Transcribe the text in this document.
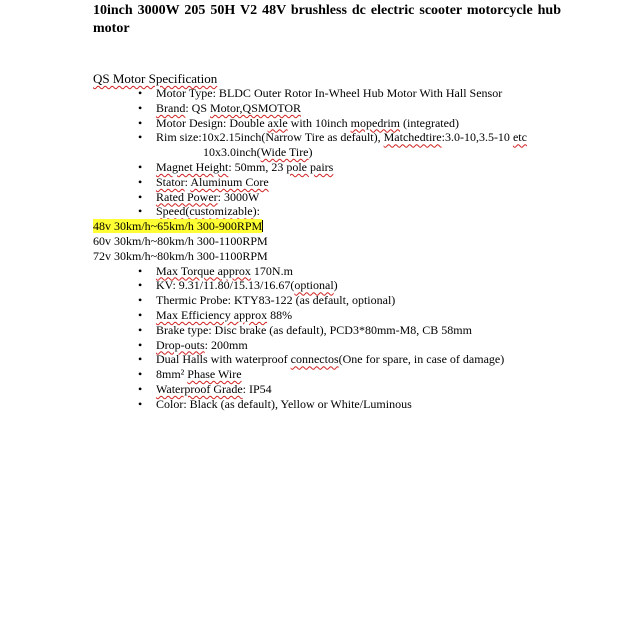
10inch 3000W 205 50H V2 48V brushless dc electric scooter motorcycle hub motor

QS Motor Specification

• Motor Type: BLDC Outer Rotor In-Wheel Hub Motor With Hall Sensor
• Brand: QS Motor,QSMOTOR
• Motor Design: Double axle with 10inch mopedrim (integrated)
• Rim size:10x2.15inch(Narrow Tire as default), Matchedtire:3.0-10,3.5-10 etc
10x3.0inch(Wide Tire)
• Magnet Height: 50mm, 23 pole pairs
• Stator: Aluminum Core
• Rated Power: 3000W
• Speed(customizable):
48v 30km/h~65km/h 300-900RPM
60v 30km/h~80km/h 300-1100RPM
72v 30km/h~80km/h 300-1100RPM
• Max Torque approx 170N.m
• KV: 9.31/11.80/15.13/16.67(optional)
• Thermic Probe: KTY83-122 (as default, optional)
• Max Efficiency approx 88%
• Brake type: Disc brake (as default), PCD3*80mm-M8, CB 58mm
• Drop-outs: 200mm
• Dual Halls with waterproof connectos(One for spare, in case of damage)
• 8mm² Phase Wire
• Waterproof Grade: IP54
• Color: Black (as default), Yellow or White/Luminous
